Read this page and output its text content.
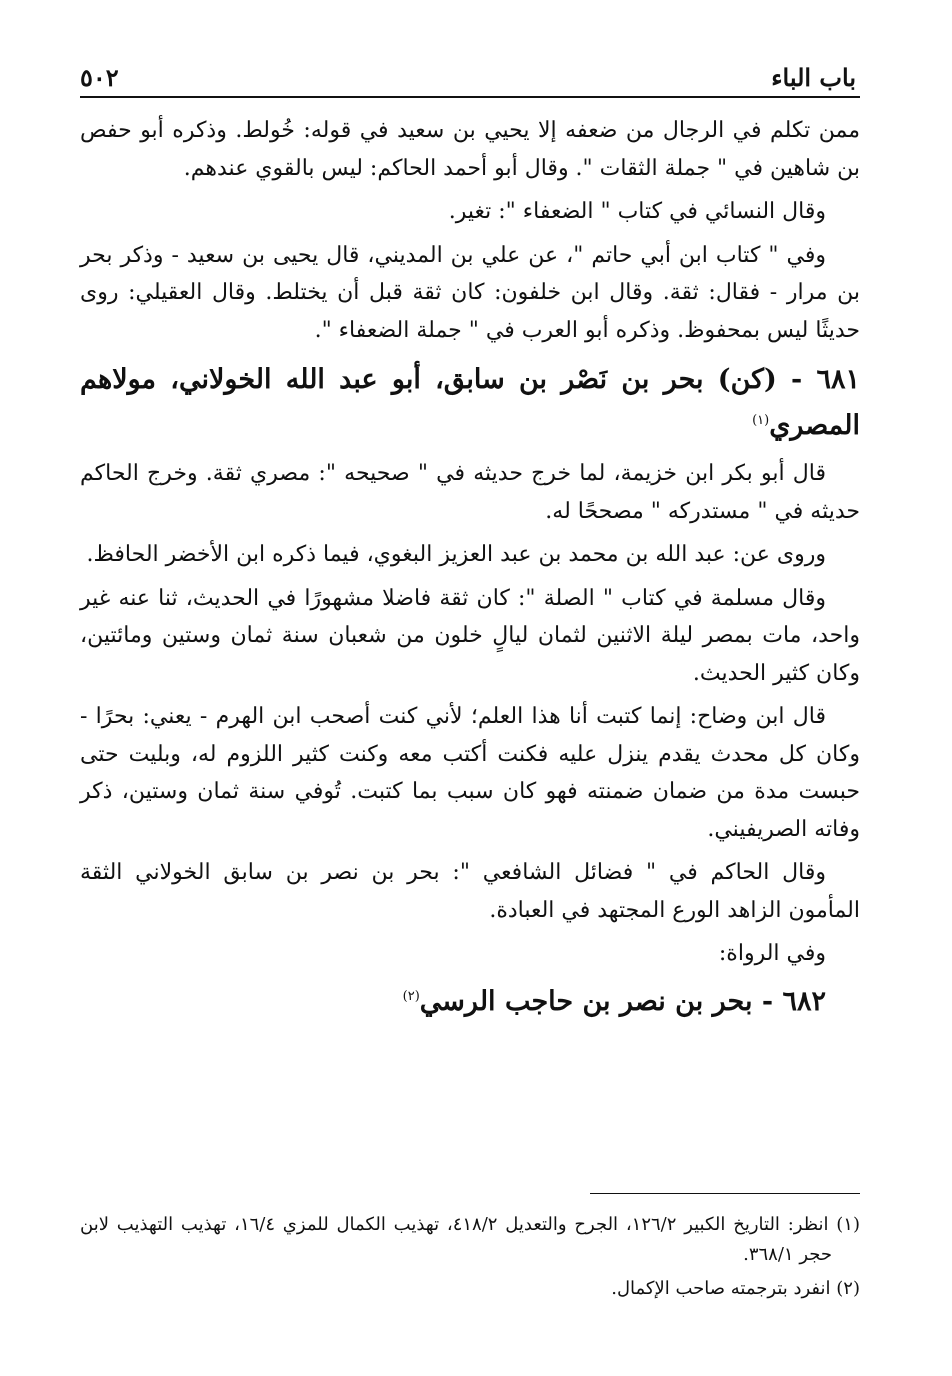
باب الباء
٥٠٢

ممن تكلم في الرجال من ضعفه إلا يحيي بن سعيد في قوله: خُولط. وذكره أبو حفص بن شاهين في " جملة الثقات ". وقال أبو أحمد الحاكم: ليس بالقوي عندهم.

وقال النسائي في كتاب " الضعفاء ": تغير.

وفي " كتاب ابن أبي حاتم "، عن علي بن المديني، قال يحيى بن سعيد - وذكر بحر بن مرار - فقال: ثقة. وقال ابن خلفون: كان ثقة قبل أن يختلط. وقال العقيلي: روى حديثًا ليس بمحفوظ. وذكره أبو العرب في " جملة الضعفاء ".

٦٨١ - (كن) بحر بن نَصْر بن سابق، أبو عبد الله الخولاني، مولاهم المصري$^{(١)}$

قال أبو بكر ابن خزيمة، لما خرج حديثه في " صحيحه ": مصري ثقة. وخرج الحاكم حديثه في " مستدركه " مصححًا له.

وروى عن: عبد الله بن محمد بن عبد العزيز البغوي، فيما ذكره ابن الأخضر الحافظ.

وقال مسلمة في كتاب " الصلة ": كان ثقة فاضلا مشهورًا في الحديث، ثنا عنه غير واحد، مات بمصر ليلة الاثنين لثمان ليالٍ خلون من شعبان سنة ثمان وستين ومائتين، وكان كثير الحديث.

قال ابن وضاح: إنما كتبت أنا هذا العلم؛ لأني كنت أصحب ابن الهرم - يعني: بحرًا - وكان كل محدث يقدم ينزل عليه فكنت أكتب معه وكنت كثير اللزوم له، وبليت حتى حبست مدة من ضمان ضمنته فهو كان سبب بما كتبت. تُوفي سنة ثمان وستين، ذكر وفاته الصريفيني.

وقال الحاكم في " فضائل الشافعي ": بحر بن نصر بن سابق الخولاني الثقة المأمون الزاهد الورع المجتهد في العبادة.

وفي الرواة:

٦٨٢ - بحر بن نصر بن حاجب الرسي$^{(٢)}$

(١) انظر: التاريخ الكبير ١٢٦/٢، الجرح والتعديل ٤١٨/٢، تهذيب الكمال للمزي ١٦/٤، تهذيب التهذيب لابن حجر ٣٦٨/١.

(٢) انفرد بترجمته صاحب الإكمال.
